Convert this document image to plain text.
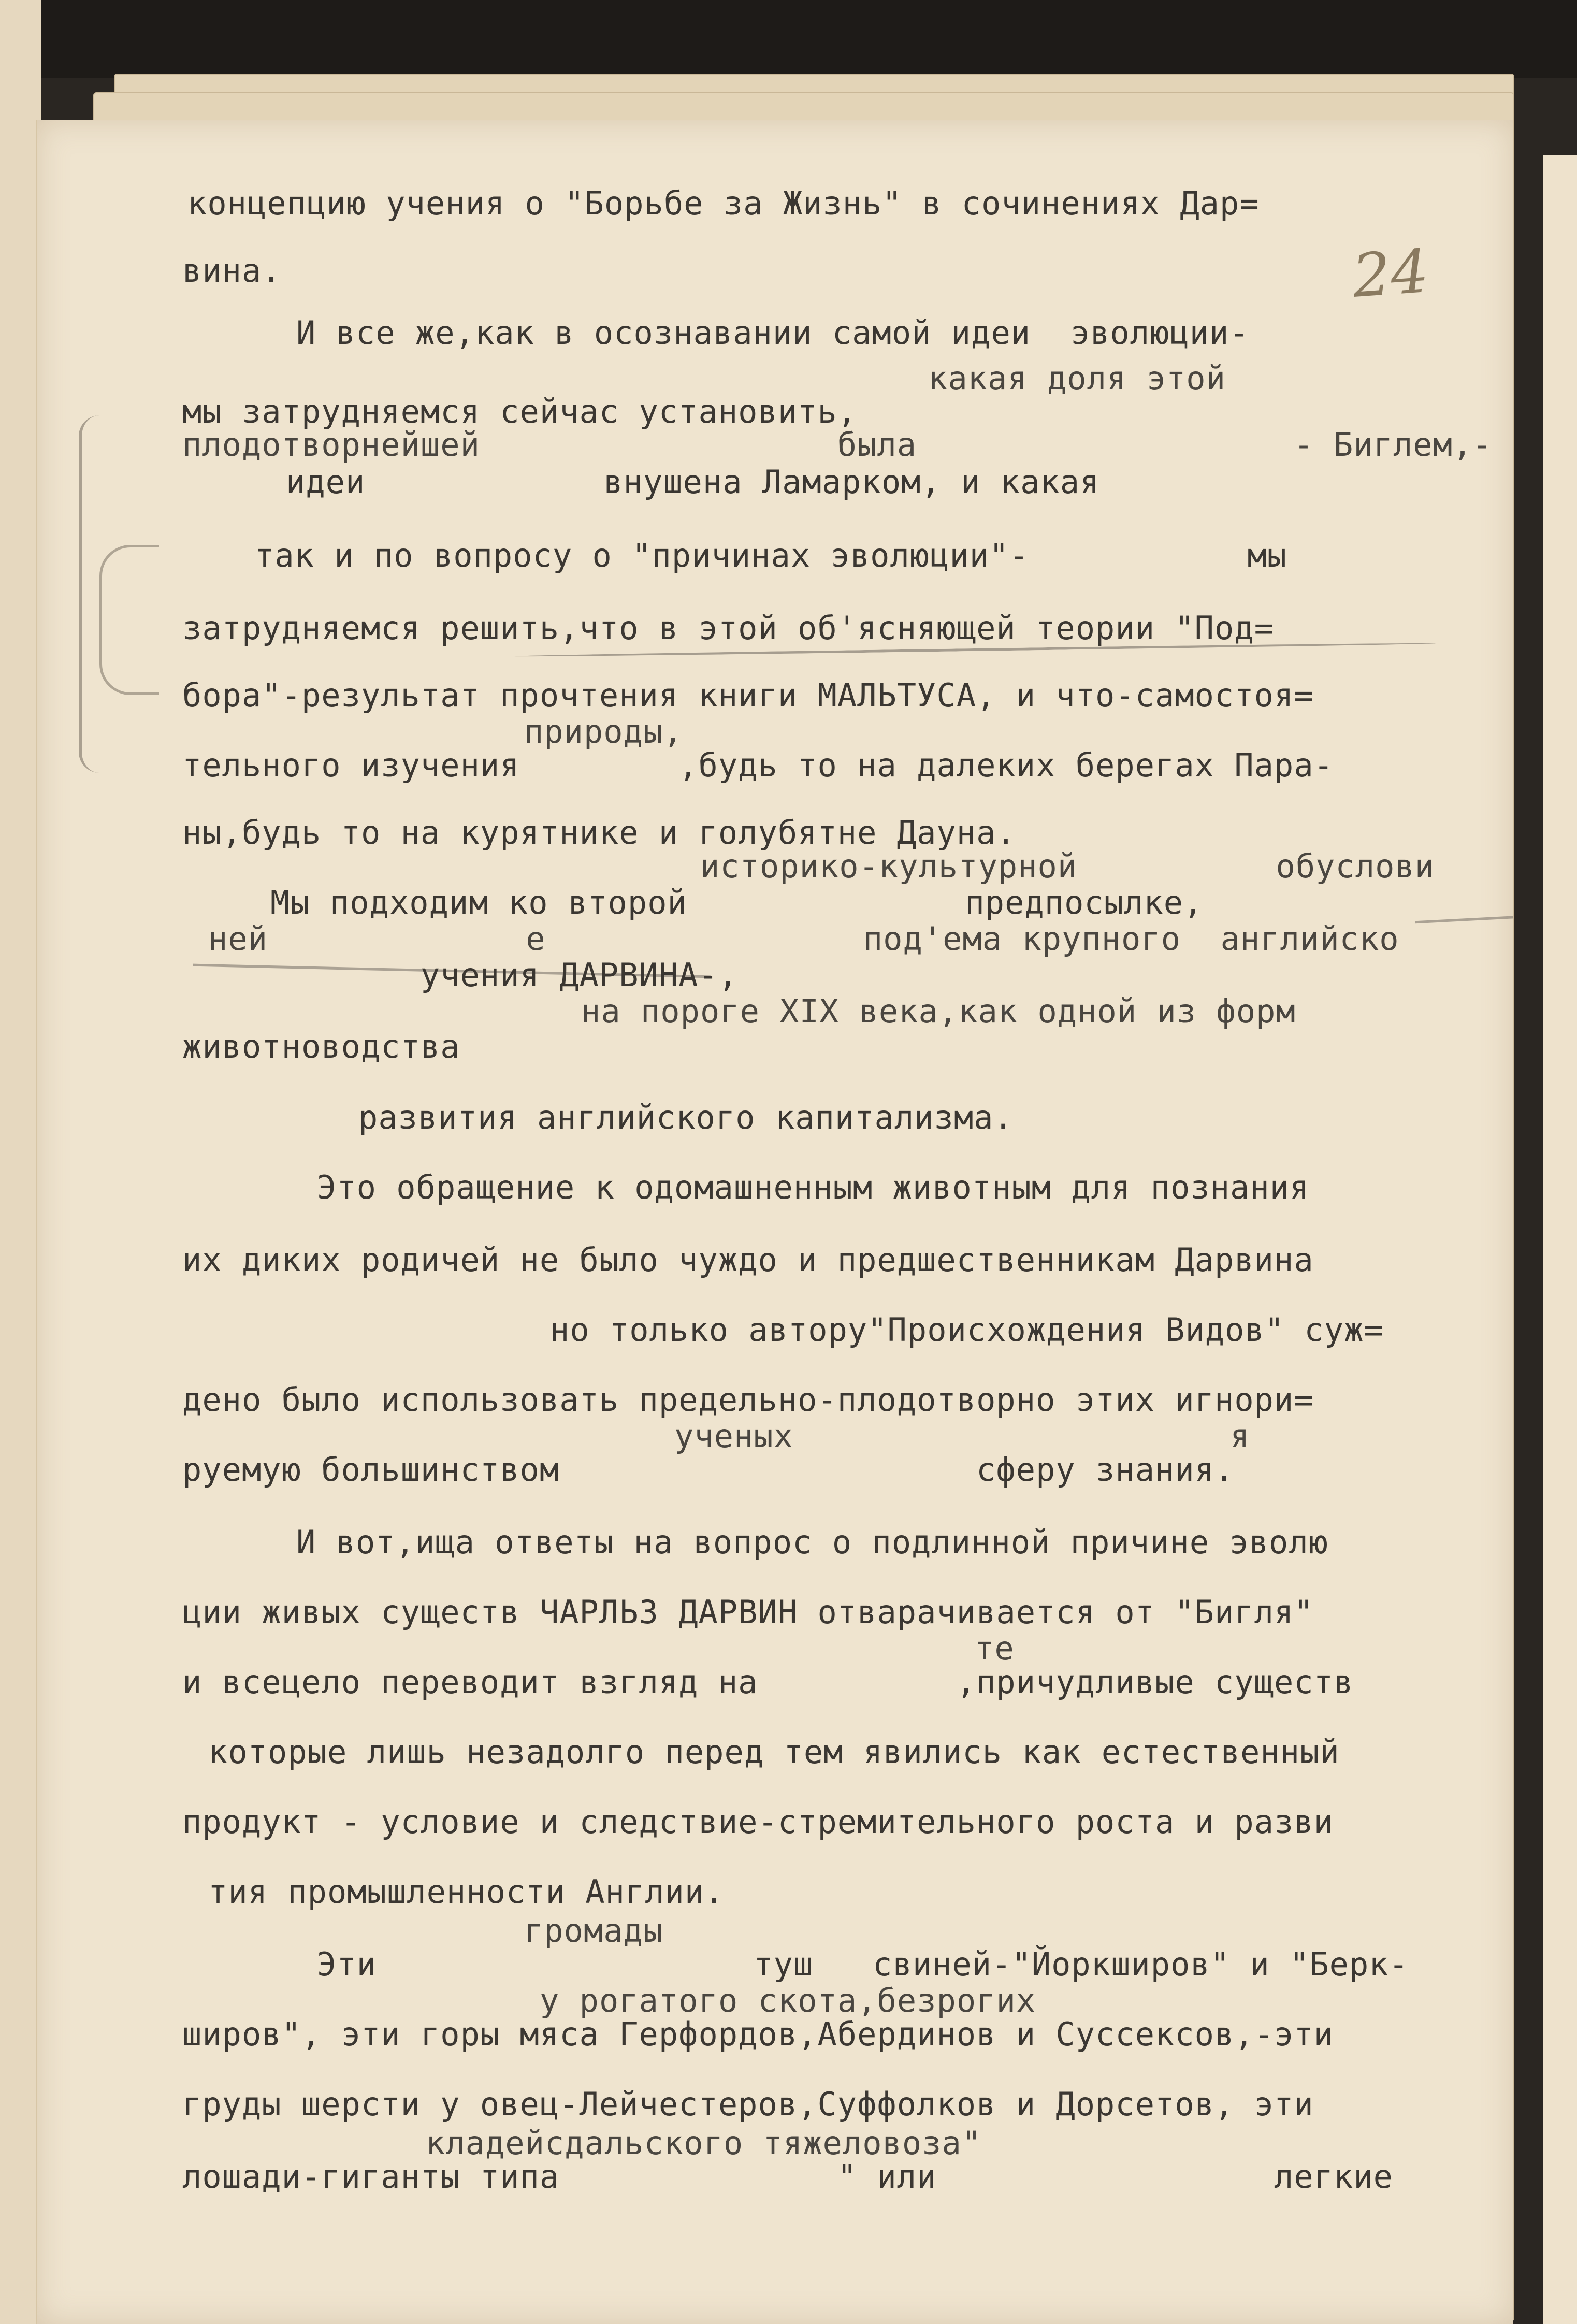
24

концепцию учения о "Борьбе за Жизнь" в сочинениях Дар=

вина.

И все же,как в осознавании самой идеи  эволюции-

какая доля этой

мы затрудняемся сейчас установить,

плодотворнейшей                  была                   - Биглем,-

идеи            внушена Ламарком, и какая

так и по вопросу о "причинах эволюции"-           мы

затрудняемся решить,что в этой об'ясняющей теории "Под=

бора"-результат прочтения книги МАЛЬТУСА, и что-самостоя=

природы,

тельного изучения        ,будь то на далеких берегах Пара-

ны,будь то на курятнике и голубятне Дауна.

историко-культурной          обуслови

Мы подходим ко второй              предпосылке,

ней             е                под'ема крупного  английско

учения ДАРВИНА-,

на пороге XIX века,как одной из форм

животноводства

развития английского капитализма.

Это обращение к одомашненным животным для познания

их диких родичей не было чуждо и предшественникам Дарвина

но только автору"Происхождения Видов" суж=

дено было использовать предельно-плодотворно этих игнори=

ученых                      я

руемую большинством                     сферу знания.

И вот,ища ответы на вопрос о подлинной причине эволю

ции живых существ ЧАРЛЬЗ ДАРВИН отварачивается от "Бигля"

те

и всецело переводит взгляд на          ,причудливые существ

которые лишь незадолго перед тем явились как естественный

продукт - условие и следствие-стремительного роста и разви

тия промышленности Англии.

громады

Эти                   туш   свиней-"Йоркширов" и "Берк-

у рогатого скота,безрогих

широв", эти горы мяса Герфордов,Абердинов и Суссексов,-эти

груды шерсти у овец-Лейчестеров,Суффолков и Дорсетов, эти

кладейсдальского тяжеловоза"

лошади-гиганты типа              " или                 легкие
